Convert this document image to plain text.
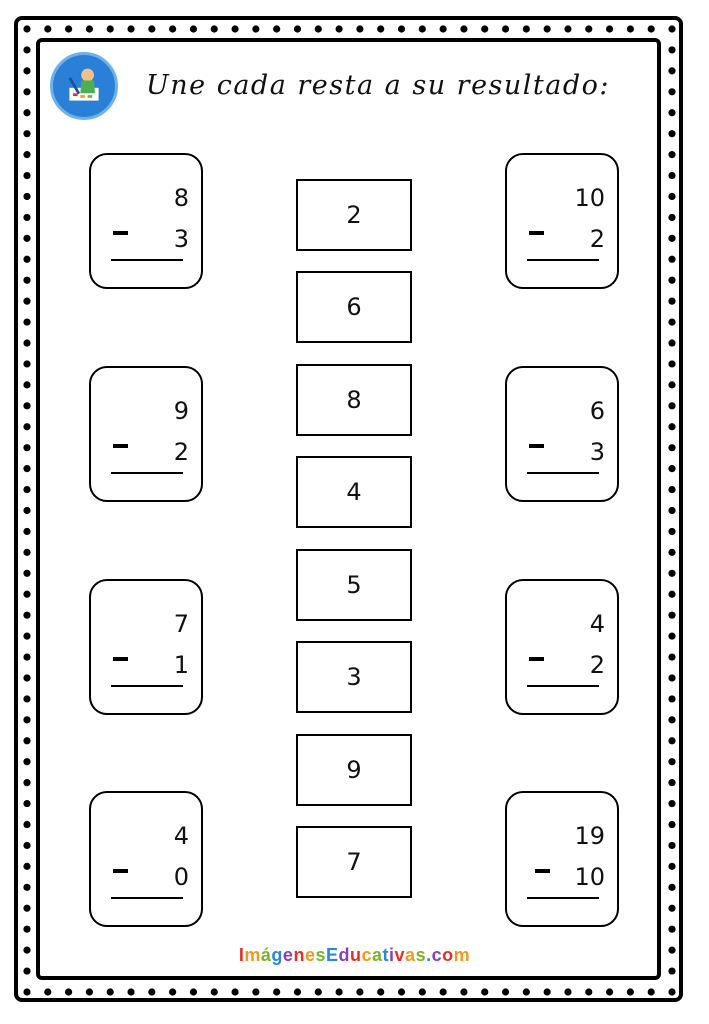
Une cada resta a su resultado:
8
3
9
2
7
1
4
0
10
2
6
3
4
2
19
10
2
6
8
4
5
3
9
7
ImágenesEducativas.com
